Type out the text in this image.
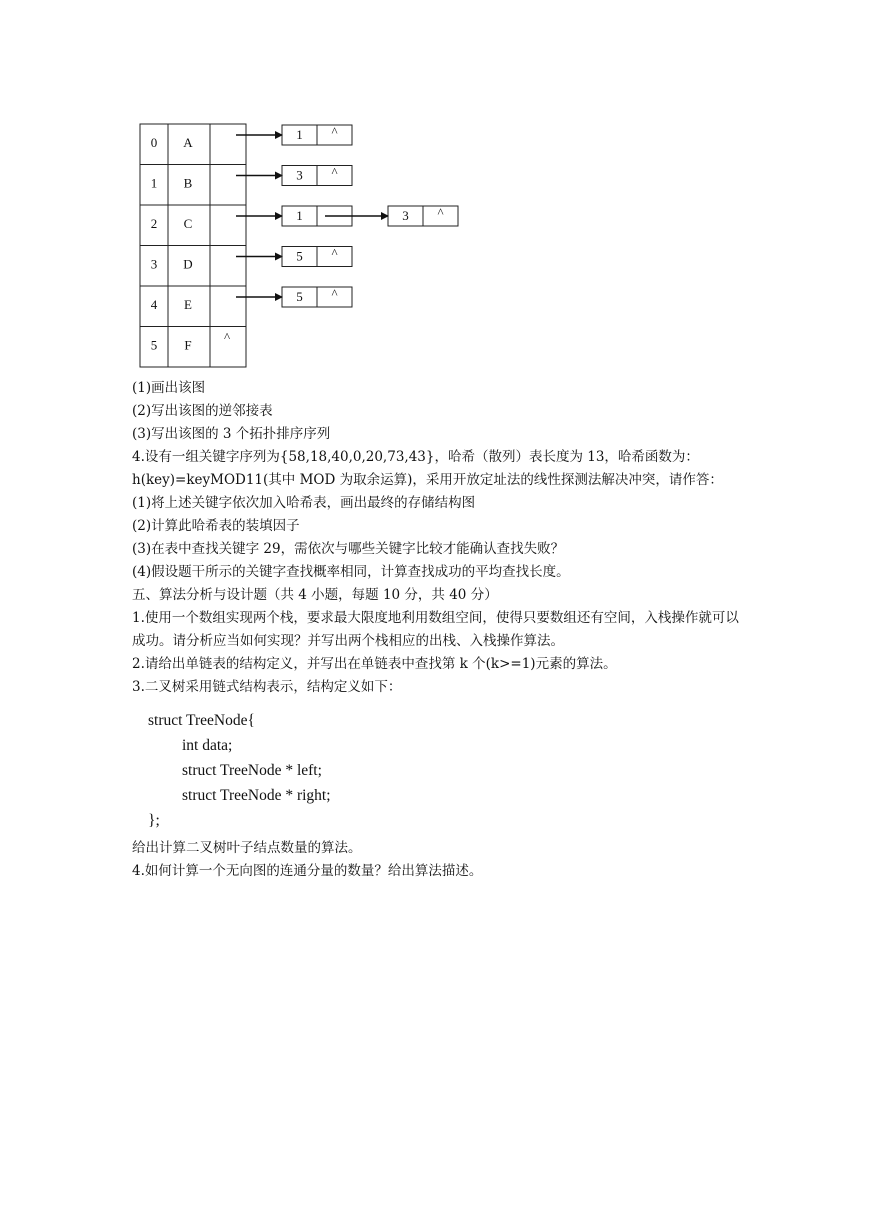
0 A
1 B
2 C
3 D
4 E
5 F
^
1 ^
3 ^
1	3 ^
5 ^
5 ^
(1)画出该图
(2)写出该图的逆邻接表
(3)写出该图的 3 个拓扑排序序列
4.设有一组关键字序列为{58,18,40,0,20,73,43}，哈希（散列）表长度为 13，哈希函数为：h(key)=keyMOD11(其中 MOD 为取余运算)，采用开放定址法的线性探测法解决冲突，请作答：
(1)将上述关键字依次加入哈希表，画出最终的存储结构图
(2)计算此哈希表的装填因子
(3)在表中查找关键字 29，需依次与哪些关键字比较才能确认查找失败？
(4)假设题干所示的关键字查找概率相同，计算查找成功的平均查找长度。
五、算法分析与设计题（共 4 小题，每题 10 分，共 40 分）
1.使用一个数组实现两个栈，要求最大限度地利用数组空间，使得只要数组还有空间，入栈操作就可以成功。请分析应当如何实现？并写出两个栈相应的出栈、入栈操作算法。
2.请给出单链表的结构定义，并写出在单链表中查找第 k 个(k>=1)元素的算法。
3.二叉树采用链式结构表示，结构定义如下：
struct TreeNode{
int data;
struct TreeNode * left;
struct TreeNode * right;
};
给出计算二叉树叶子结点数量的算法。
4.如何计算一个无向图的连通分量的数量？给出算法描述。
